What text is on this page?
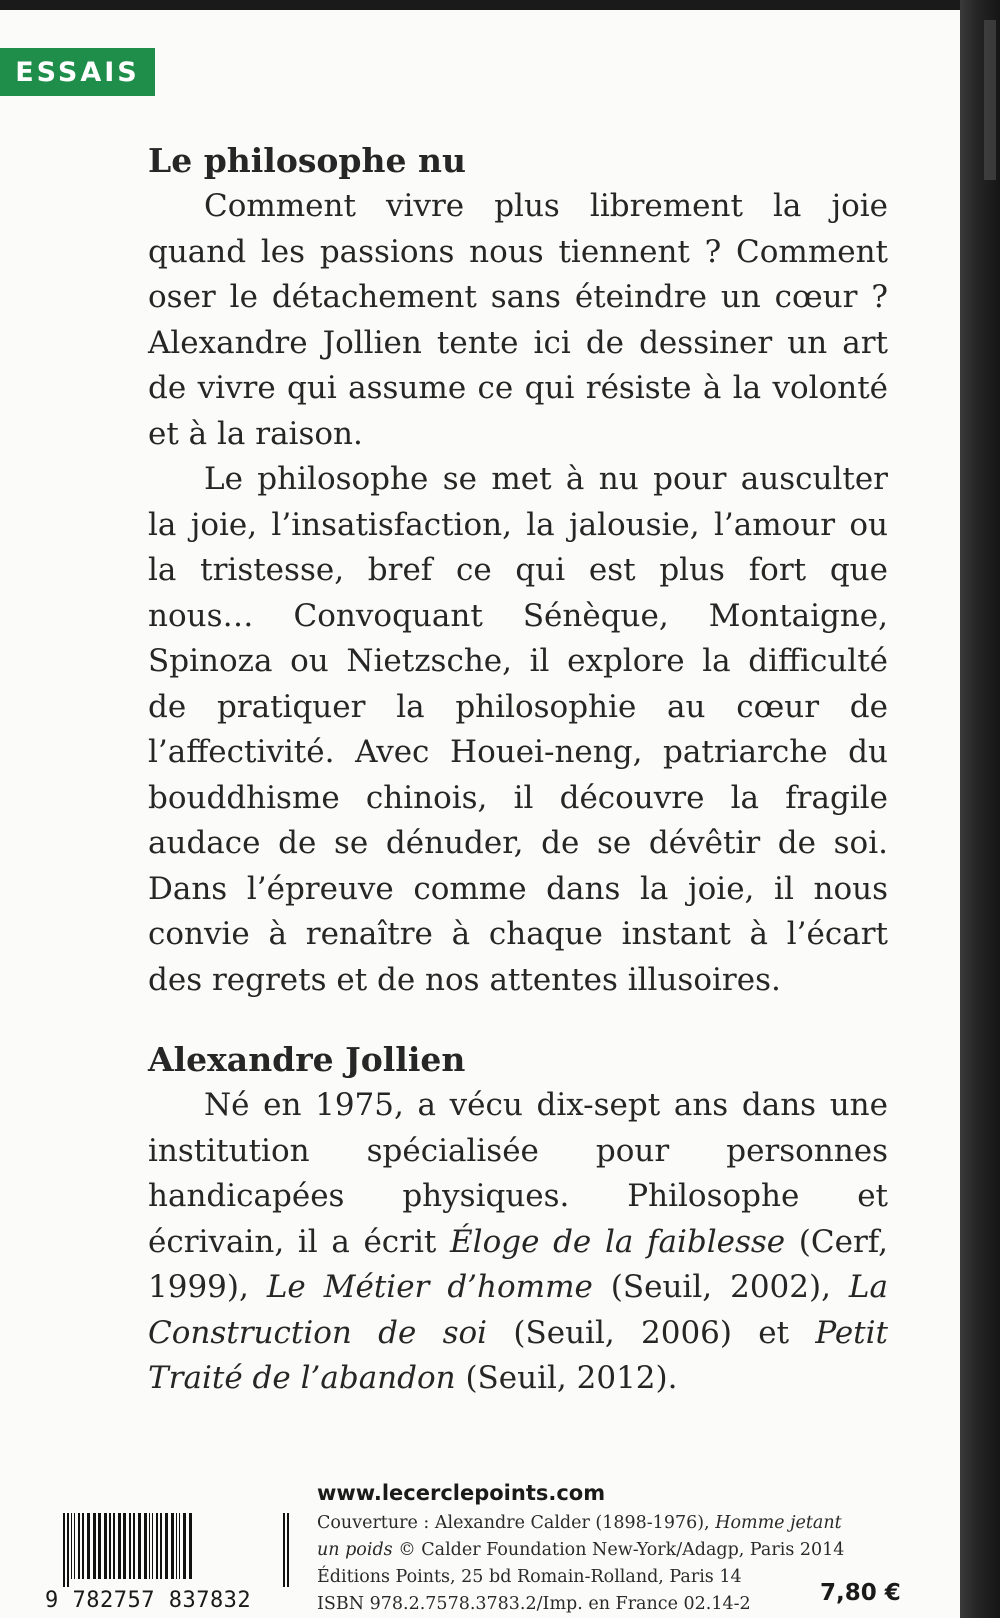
ESSAIS
Le philosophe nu

Comment vivre plus librement la joie quand les passions nous tiennent ? Comment oser le détachement sans éteindre un cœur ? Alexandre Jollien tente ici de dessiner un art de vivre qui assume ce qui résiste à la volonté et à la raison.

Le philosophe se met à nu pour ausculter la joie, l’insatisfaction, la jalousie, l’amour ou la tristesse, bref ce qui est plus fort que nous… Convoquant Sénèque, Montaigne, Spinoza ou Nietzsche, il explore la difficulté de pratiquer la philosophie au cœur de l’affectivité. Avec Houei-neng, patriarche du bouddhisme chinois, il découvre la fragile audace de se dénuder, de se dévêtir de soi. Dans l’épreuve comme dans la joie, il nous convie à renaître à chaque instant à l’écart des regrets et de nos attentes illusoires.

Alexandre Jollien

Né en 1975, a vécu dix-sept ans dans une institution spécialisée pour personnes handicapées physiques. Philosophe et écrivain, il a écrit Éloge de la faiblesse (Cerf, 1999), Le Métier d’homme (Seuil, 2002), La Construction de soi (Seuil, 2006) et Petit Traité de l’abandon (Seuil, 2012).

www.lecerclepoints.com
Couverture : Alexandre Calder (1898-1976), Homme jetant
un poids © Calder Foundation New-York/Adagp, Paris 2014
Éditions Points, 25 bd Romain-Rolland, Paris 14
ISBN 978.2.7578.3783.2/Imp. en France 02.14-2	7,80 €
9 782757 837832
